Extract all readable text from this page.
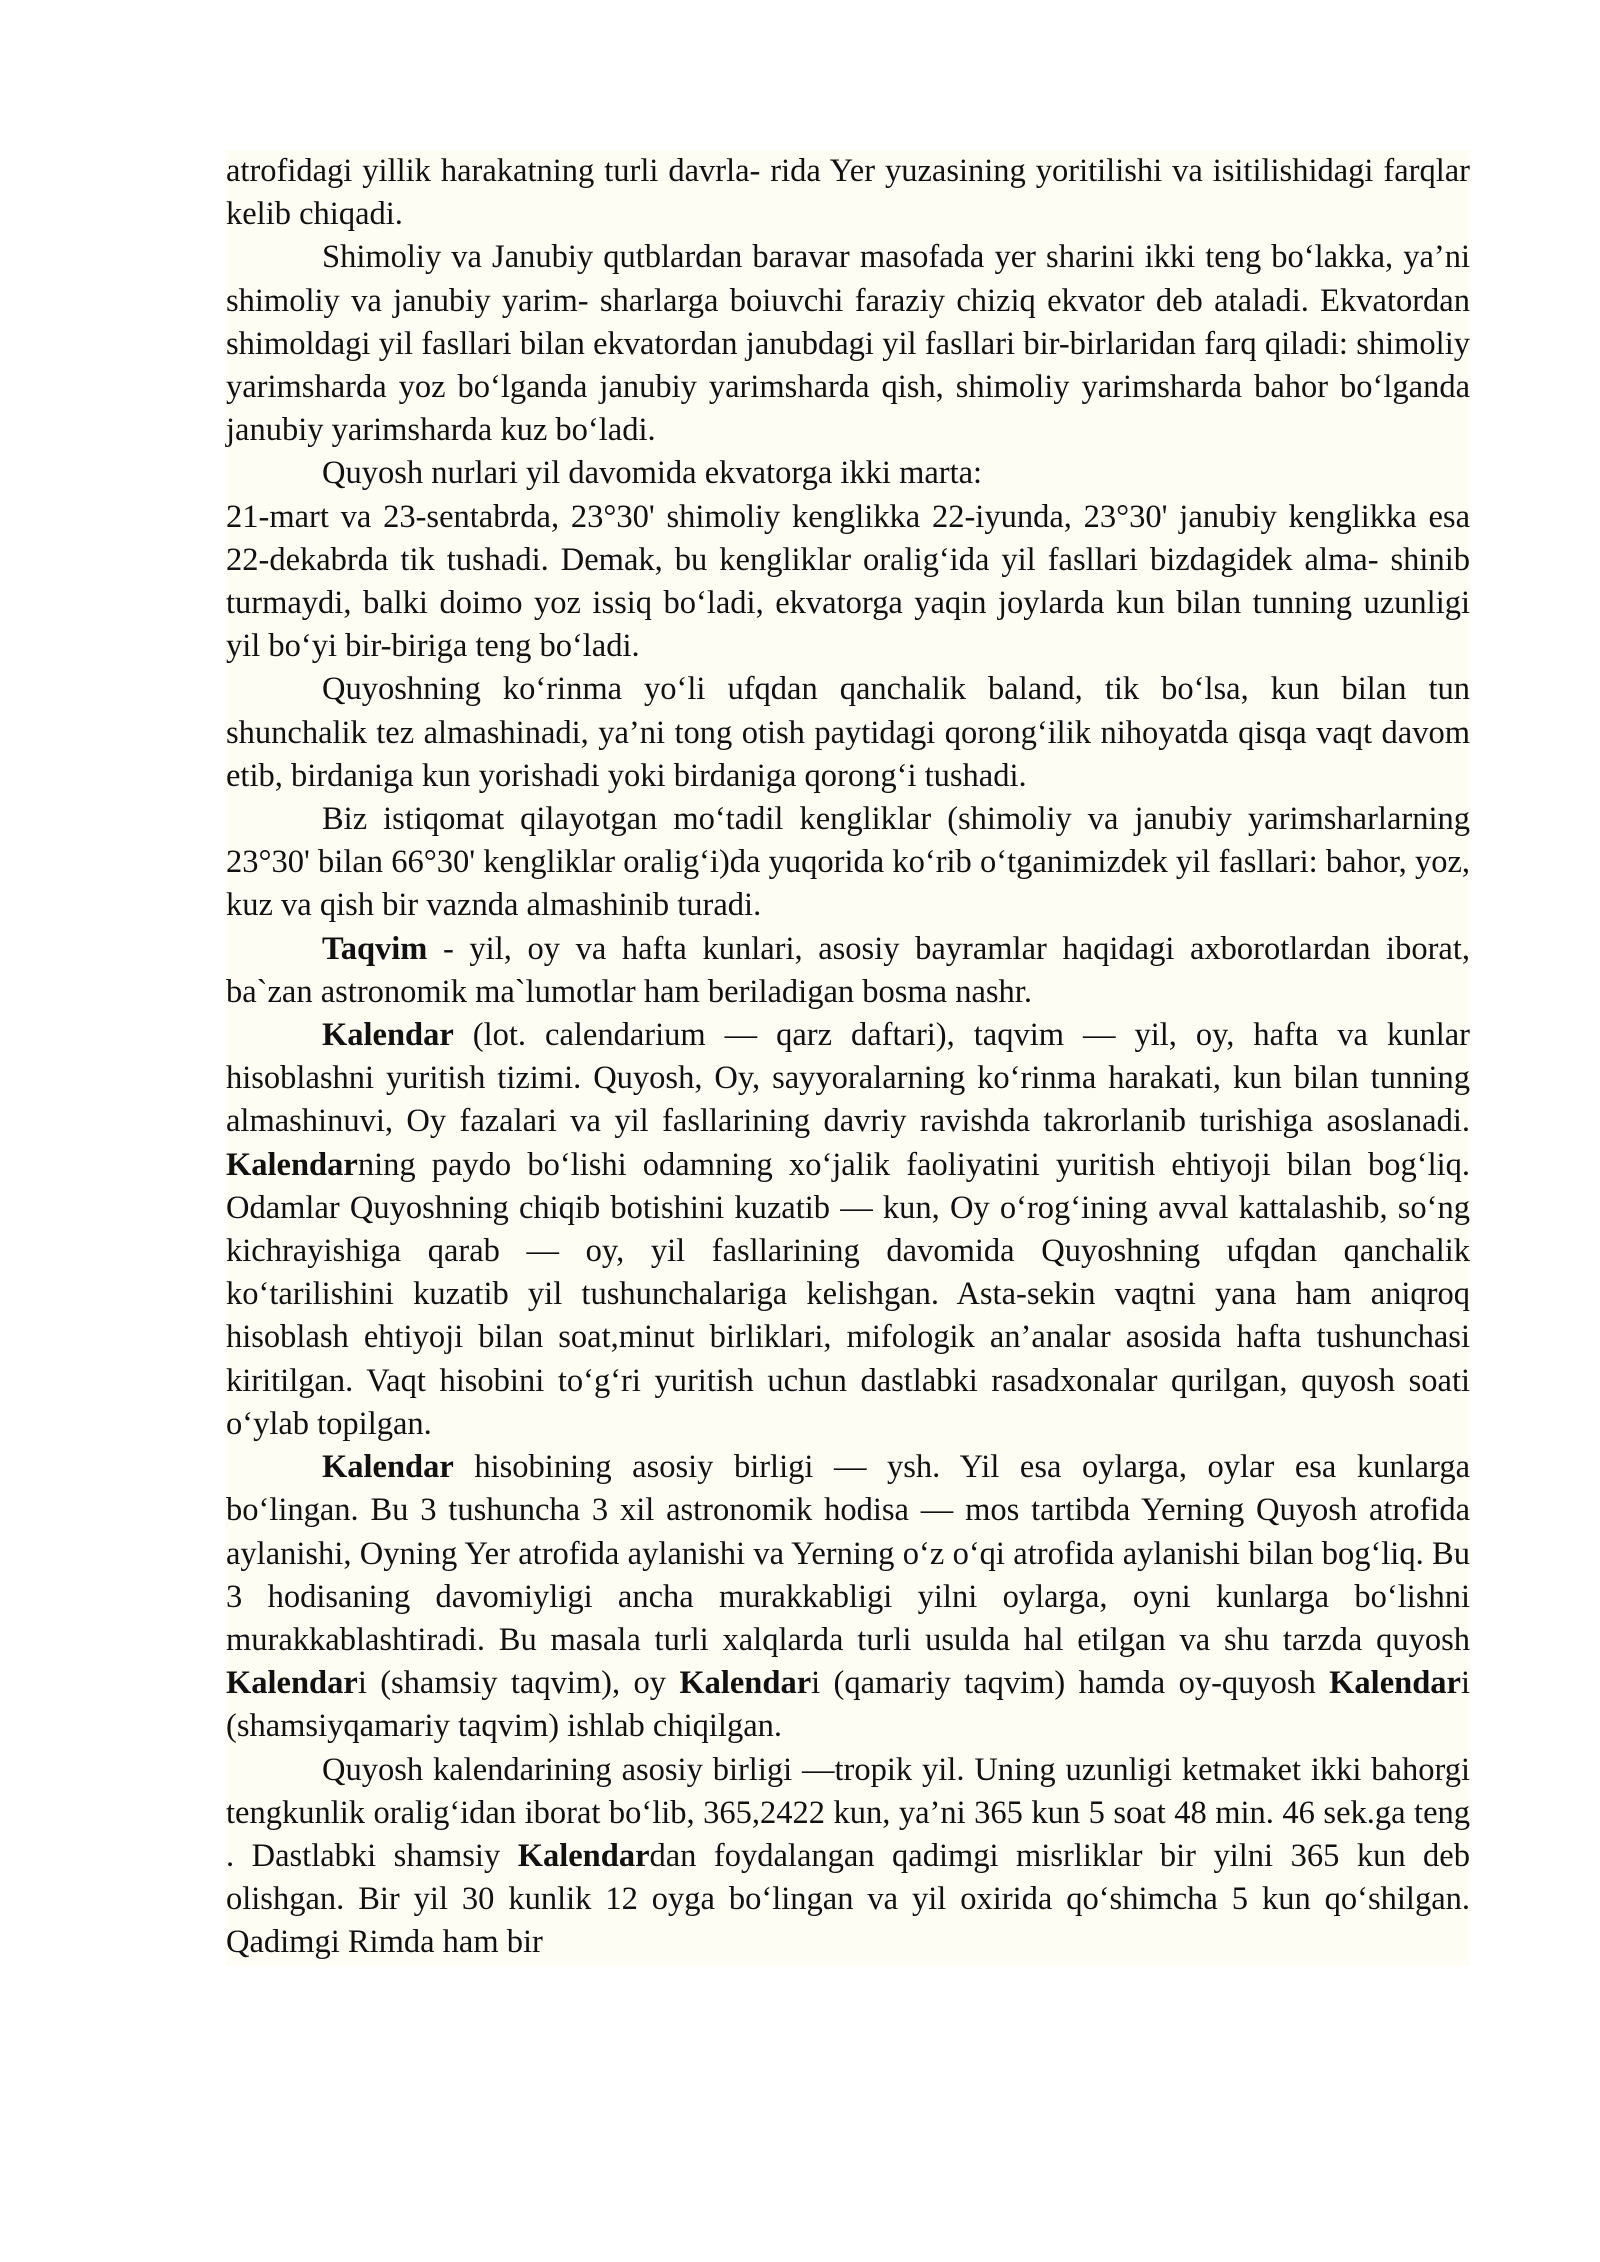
atrofidagi yillik harakatning turli davrla- rida Yer yuzasining yoritilishi va isitilishidagi farqlar kelib chiqadi.

Shimoliy va Janubiy qutblardan baravar masofada yer sharini ikki teng bo‘lakka, ya’ni shimoliy va janubiy yarim- sharlarga boiuvchi faraziy chiziq ekvator deb ataladi. Ekvatordan shimoldagi yil fasllari bilan ekvatordan janubdagi yil fasllari bir-birlaridan farq qiladi: shimoliy yarimsharda yoz bo‘lganda janubiy yarimsharda qish, shimoliy yarimsharda bahor bo‘lganda janubiy yarimsharda kuz bo‘ladi.

Quyosh nurlari yil davomida ekvatorga ikki marta:

21-mart va 23-sentabrda, 23°30' shimoliy kenglikka 22-iyunda, 23°30' janubiy kenglikka esa 22-dekabrda tik tushadi. Demak, bu kengliklar oralig‘ida yil fasllari bizdagidek alma- shinib turmaydi, balki doimo yoz issiq bo‘ladi, ekvatorga yaqin joylarda kun bilan tunning uzunligi yil bo‘yi bir-biriga teng bo‘ladi.

Quyoshning ko‘rinma yo‘li ufqdan qanchalik baland, tik bo‘lsa, kun bilan tun shunchalik tez almashinadi, ya’ni tong otish paytidagi qorong‘ilik nihoyatda qisqa vaqt davom etib, birdaniga kun yorishadi yoki birdaniga qorong‘i tushadi.

Biz istiqomat qilayotgan mo‘tadil kengliklar (shimoliy va janubiy yarimsharlarning 23°30' bilan 66°30' kengliklar oralig‘i)da yuqorida ko‘rib o‘tganimizdek yil fasllari: bahor, yoz, kuz va qish bir vaznda almashinib turadi.

Taqvim - yil, oy va hafta kunlari, asosiy bayramlar haqidagi axborotlardan iborat, ba`zan astronomik ma`lumotlar ham beriladigan bosma nashr.

Kalendar (lot. calendarium — qarz daftari), taqvim — yil, oy, hafta va kunlar hisoblashni yuritish tizimi. Quyosh, Oy, sayyoralarning ko‘rinma harakati, kun bilan tunning almashinuvi, Oy fazalari va yil fasllarining davriy ravishda takrorlanib turishiga asoslanadi. Kalendarning paydo bo‘lishi odamning xo‘jalik faoliyatini yuritish ehtiyoji bilan bog‘liq. Odamlar Quyoshning chiqib botishini kuzatib — kun, Oy o‘rog‘ining avval kattalashib, so‘ng kichrayishiga qarab — oy, yil fasllarining davomida Quyoshning ufqdan qanchalik ko‘tarilishini kuzatib yil tushunchalariga kelishgan. Asta-sekin vaqtni yana ham aniqroq hisoblash ehtiyoji bilan soat,minut birliklari, mifologik an’analar asosida hafta tushunchasi kiritilgan. Vaqt hisobini to‘g‘ri yuritish uchun dastlabki rasadxonalar qurilgan, quyosh soati o‘ylab topilgan.

Kalendar hisobining asosiy birligi — ysh. Yil esa oylarga, oylar esa kunlarga bo‘lingan. Bu 3 tushuncha 3 xil astronomik hodisa — mos tartibda Yerning Quyosh atrofida aylanishi, Oyning Yer atrofida aylanishi va Yerning o‘z o‘qi atrofida aylanishi bilan bog‘liq. Bu 3 hodisaning davomiyligi ancha murakkabligi yilni oylarga, oyni kunlarga bo‘lishni murakkablashtiradi. Bu masala turli xalqlarda turli usulda hal etilgan va shu tarzda quyosh Kalendari (shamsiy taqvim), oy Kalendari (qamariy taqvim) hamda oy-quyosh Kalendari (shamsiyqamariy taqvim) ishlab chiqilgan.

Quyosh kalendarining asosiy birligi —tropik yil. Uning uzunligi ketmaket ikki bahorgi tengkunlik oralig‘idan iborat bo‘lib, 365,2422 kun, ya’ni 365 kun 5 soat 48 min. 46 sek.ga teng . Dastlabki shamsiy Kalendardan foydalangan qadimgi misrliklar bir yilni 365 kun deb olishgan. Bir yil 30 kunlik 12 oyga bo‘lingan va yil oxirida qo‘shimcha 5 kun qo‘shilgan. Qadimgi Rimda ham bir
